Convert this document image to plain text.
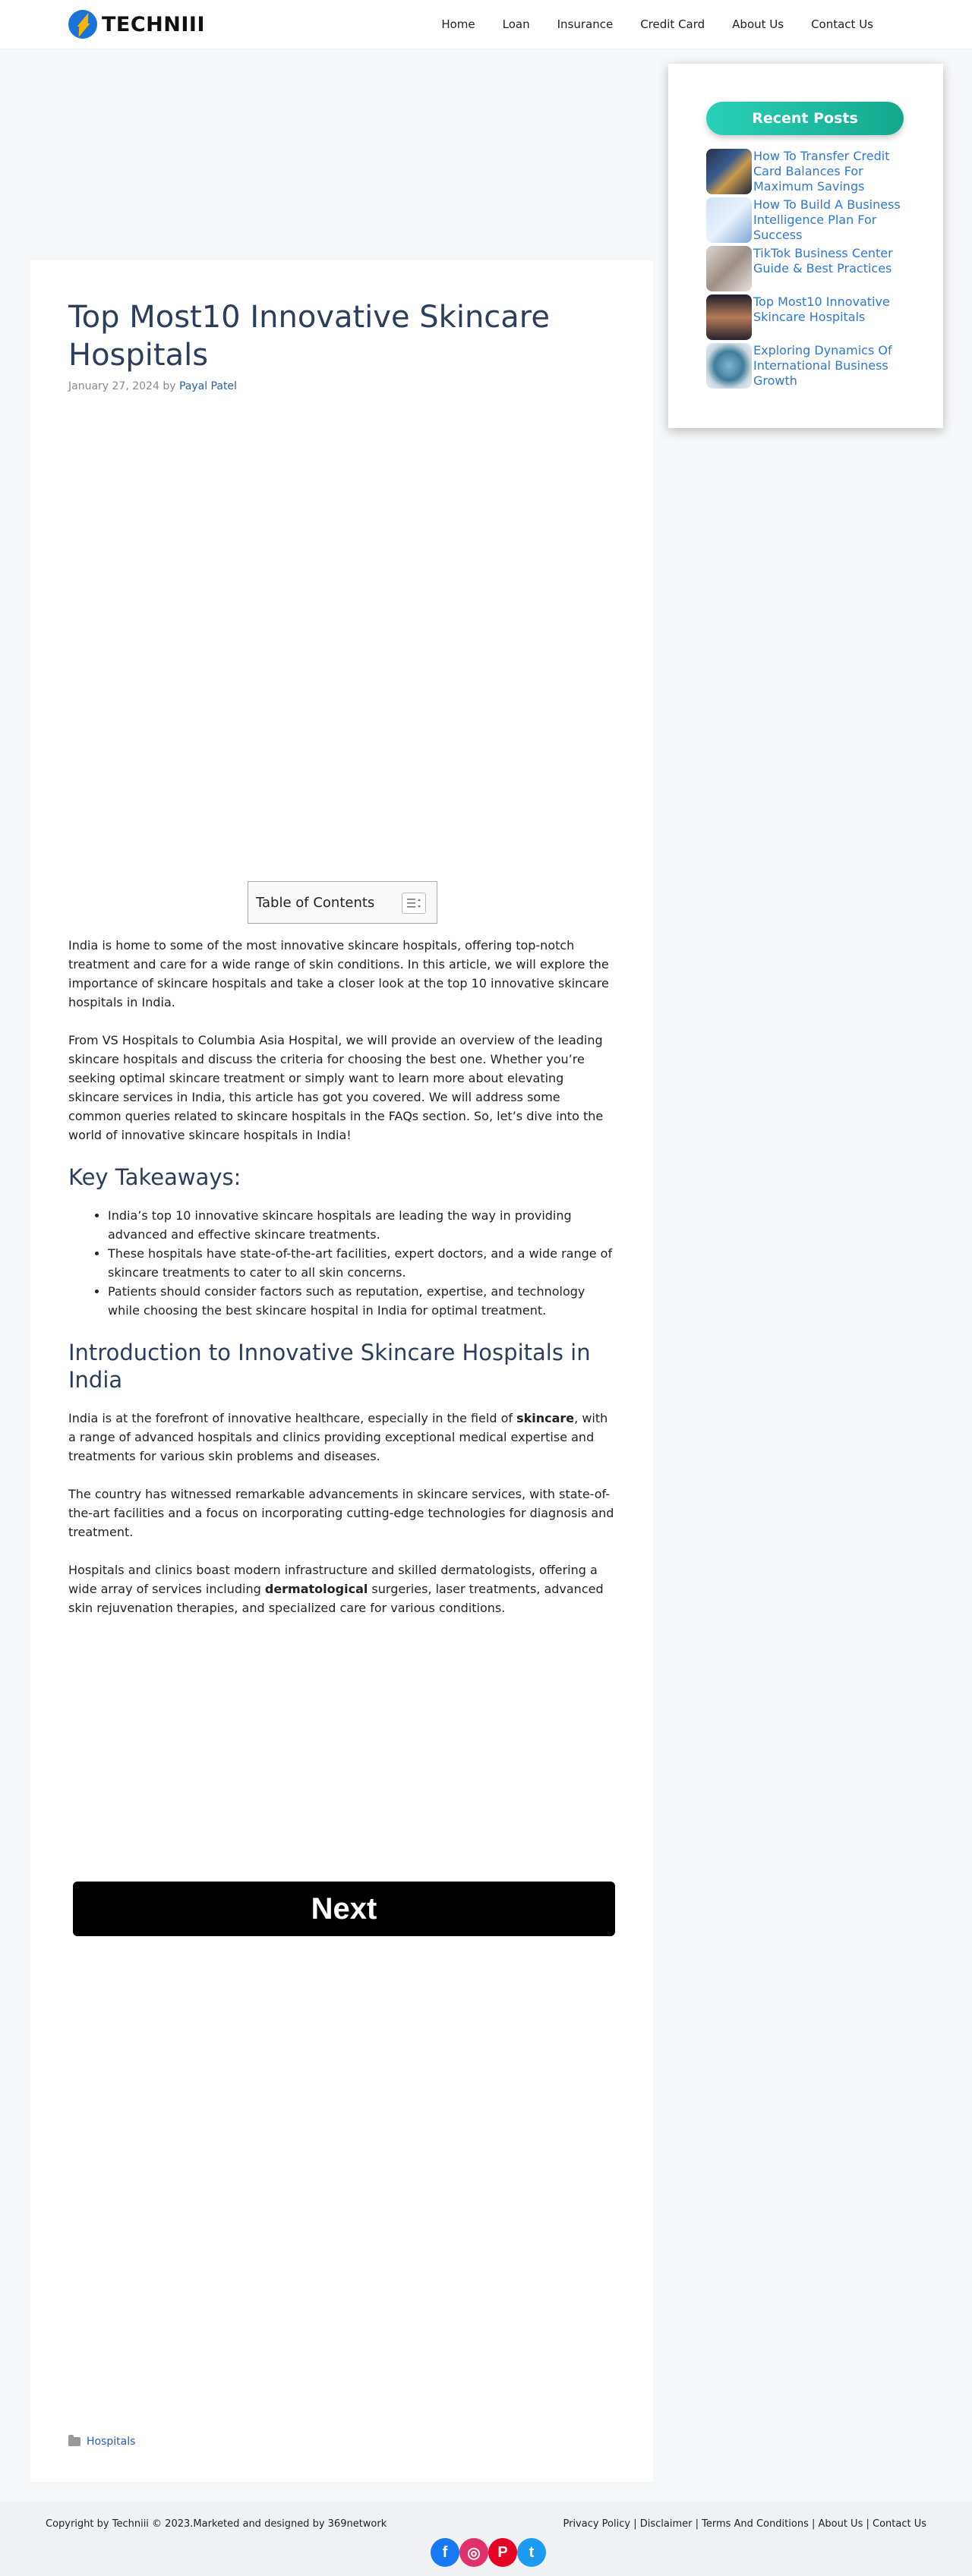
TECHNIII	Home	Loan	Insurance	Credit Card	About Us	Contact Us
Top Most10 Innovative Skincare Hospitals
January 27, 2024 by Payal Patel
Table of Contents

India is home to some of the most innovative skincare hospitals, offering top-notch treatment and care for a wide range of skin conditions. In this article, we will explore the importance of skincare hospitals and take a closer look at the top 10 innovative skincare hospitals in India.

From VS Hospitals to Columbia Asia Hospital, we will provide an overview of the leading skincare hospitals and discuss the criteria for choosing the best one. Whether you’re seeking optimal skincare treatment or simply want to learn more about elevating skincare services in India, this article has got you covered. We will address some common queries related to skincare hospitals in the FAQs section. So, let’s dive into the world of innovative skincare hospitals in India!

Key Takeaways:
• India’s top 10 innovative skincare hospitals are leading the way in providing advanced and effective skincare treatments.
• These hospitals have state-of-the-art facilities, expert doctors, and a wide range of skincare treatments to cater to all skin concerns.
• Patients should consider factors such as reputation, expertise, and technology while choosing the best skincare hospital in India for optimal treatment.
Introduction to Innovative Skincare Hospitals in India

India is at the forefront of innovative healthcare, especially in the field of skincare, with a range of advanced hospitals and clinics providing exceptional medical expertise and treatments for various skin problems and diseases.

The country has witnessed remarkable advancements in skincare services, with state-of-the-art facilities and a focus on incorporating cutting-edge technologies for diagnosis and treatment.

Hospitals and clinics boast modern infrastructure and skilled dermatologists, offering a wide array of services including dermatological surgeries, laser treatments, advanced skin rejuvenation therapies, and specialized care for various conditions.

Next
Hospitals
Recent Posts
How To Transfer Credit Card Balances For Maximum Savings
How To Build A Business Intelligence Plan For Success
TikTok Business Center Guide & Best Practices
Top Most10 Innovative Skincare Hospitals
Exploring Dynamics Of International Business Growth
Copyright by Techniii © 2023.Marketed and designed by 369network	Privacy Policy | Disclaimer | Terms And Conditions | About Us | Contact Us
f	◎	P	t
